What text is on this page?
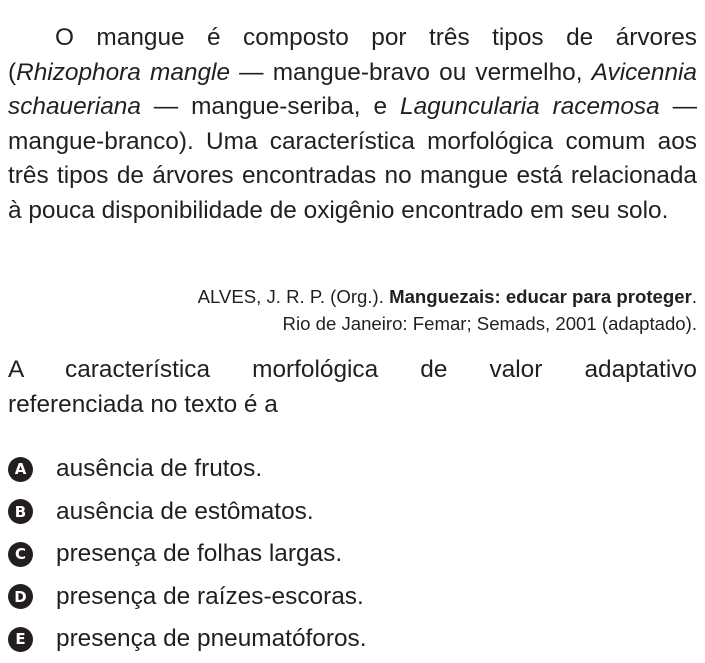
O mangue é composto por três tipos de árvores (Rhizophora mangle — mangue-bravo ou vermelho, Avicennia schaueriana — mangue-seriba, e Laguncularia racemosa — mangue-branco). Uma característica morfológica comum aos três tipos de árvores encontradas no mangue está relacionada à pouca disponibilidade de oxigênio encontrado em seu solo.

ALVES, J. R. P. (Org.). Manguezais: educar para proteger.
Rio de Janeiro: Femar; Semads, 2001 (adaptado).
A característica morfológica de valor adaptativo
referenciada no texto é a
A ausência de frutos.
B ausência de estômatos.
C presença de folhas largas.
D presença de raízes-escoras.
E	presença de pneumatóforos.
